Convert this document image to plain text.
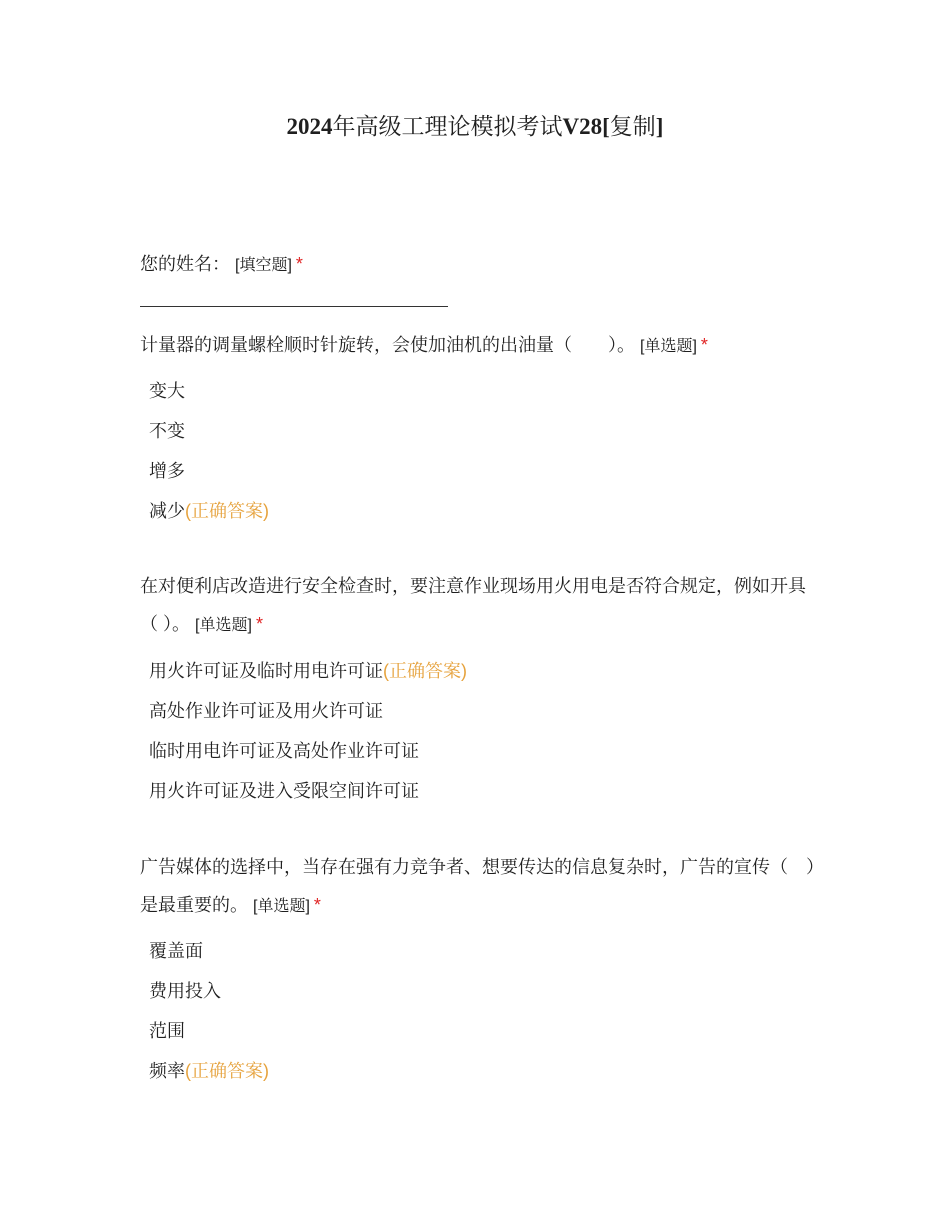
2024年高级工理论模拟考试V28[复制]
您的姓名： [填空题] *
计量器的调量螺栓顺时针旋转，会使加油机的出油量（　　）。 [单选题] *
变大
不变
增多
减少(正确答案)
在对便利店改造进行安全检查时，要注意作业现场用火用电是否符合规定，例如开具（ ）。 [单选题] *
用火许可证及临时用电许可证(正确答案)
高处作业许可证及用火许可证
临时用电许可证及高处作业许可证
用火许可证及进入受限空间许可证
广告媒体的选择中，当存在强有力竞争者、想要传达的信息复杂时，广告的宣传（　）是最重要的。 [单选题] *
覆盖面
费用投入
范围
频率(正确答案)
